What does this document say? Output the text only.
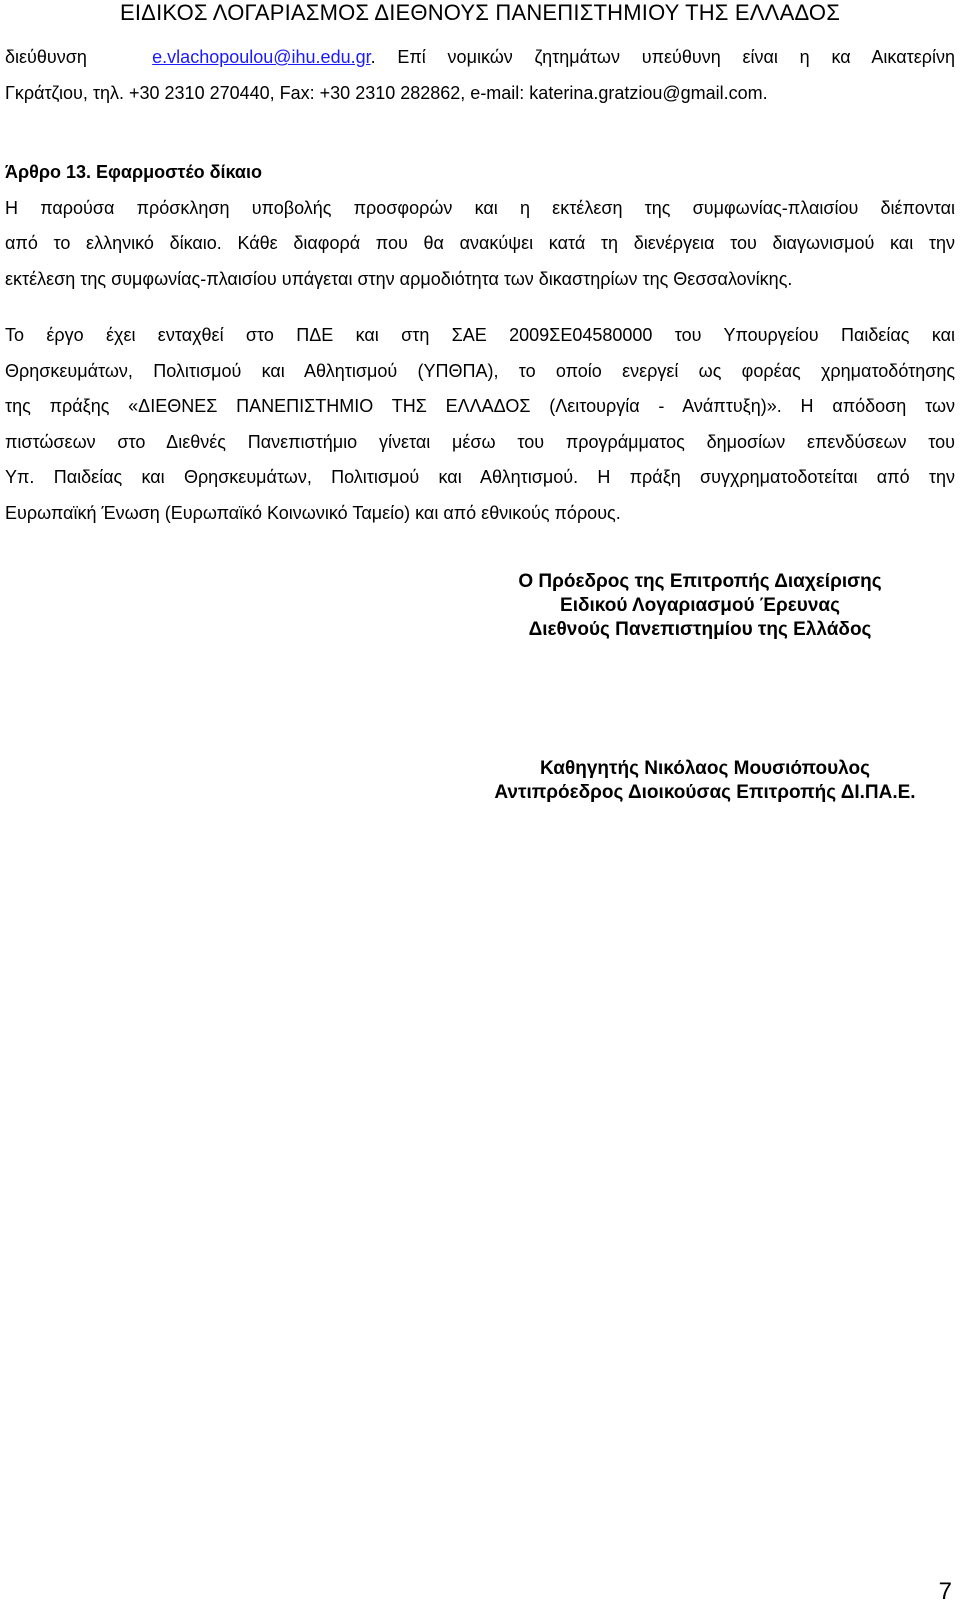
ΕΙΔΙΚΟΣ ΛΟΓΑΡΙΑΣΜΟΣ ΔΙΕΘΝΟΥΣ ΠΑΝΕΠΙΣΤΗΜΙΟΥ ΤΗΣ ΕΛΛΑΔΟΣ
διεύθυνση	e.vlachopoulou@ihu.edu.gr. Επί νομικών ζητημάτων υπεύθυνη είναι η κα Αικατερίνη
Γκράτζιου, τηλ. +30 2310 270440, Fax: +30 2310 282862, e-mail: katerina.gratziou@gmail.com.
Άρθρο 13. Εφαρμοστέο δίκαιο
Η παρούσα πρόσκληση υποβολής προσφορών και η εκτέλεση της συμφωνίας-πλαισίου διέπονται
από το ελληνικό δίκαιο. Κάθε διαφορά που θα ανακύψει κατά τη διενέργεια του διαγωνισμού και την
εκτέλεση της συμφωνίας-πλαισίου υπάγεται στην αρμοδιότητα των δικαστηρίων της Θεσσαλονίκης.
Το έργο έχει ενταχθεί στο ΠΔΕ και στη ΣΑΕ 2009ΣΕ04580000 του Υπουργείου Παιδείας και
Θρησκευμάτων, Πολιτισμού και Αθλητισμού (ΥΠΘΠΑ), το οποίο ενεργεί ως φορέας χρηματοδότησης
της πράξης «ΔΙΕΘΝΕΣ ΠΑΝΕΠΙΣΤΗΜΙΟ ΤΗΣ ΕΛΛΑΔΟΣ (Λειτουργία - Ανάπτυξη)». Η απόδοση των
πιστώσεων στο Διεθνές Πανεπιστήμιο γίνεται μέσω του προγράμματος δημοσίων επενδύσεων του
Υπ. Παιδείας και Θρησκευμάτων, Πολιτισμού και Αθλητισμού. Η πράξη συγχρηματοδοτείται από την
Ευρωπαϊκή Ένωση (Ευρωπαϊκό Κοινωνικό Ταμείο) και από εθνικούς πόρους.
Ο Πρόεδρος της Επιτροπής Διαχείρισης
Ειδικού Λογαριασμού Έρευνας
Διεθνούς Πανεπιστημίου της Ελλάδος
Καθηγητής Νικόλαος Μουσιόπουλος
Αντιπρόεδρος Διοικούσας Επιτροπής ΔΙ.ΠΑ.Ε.
7
